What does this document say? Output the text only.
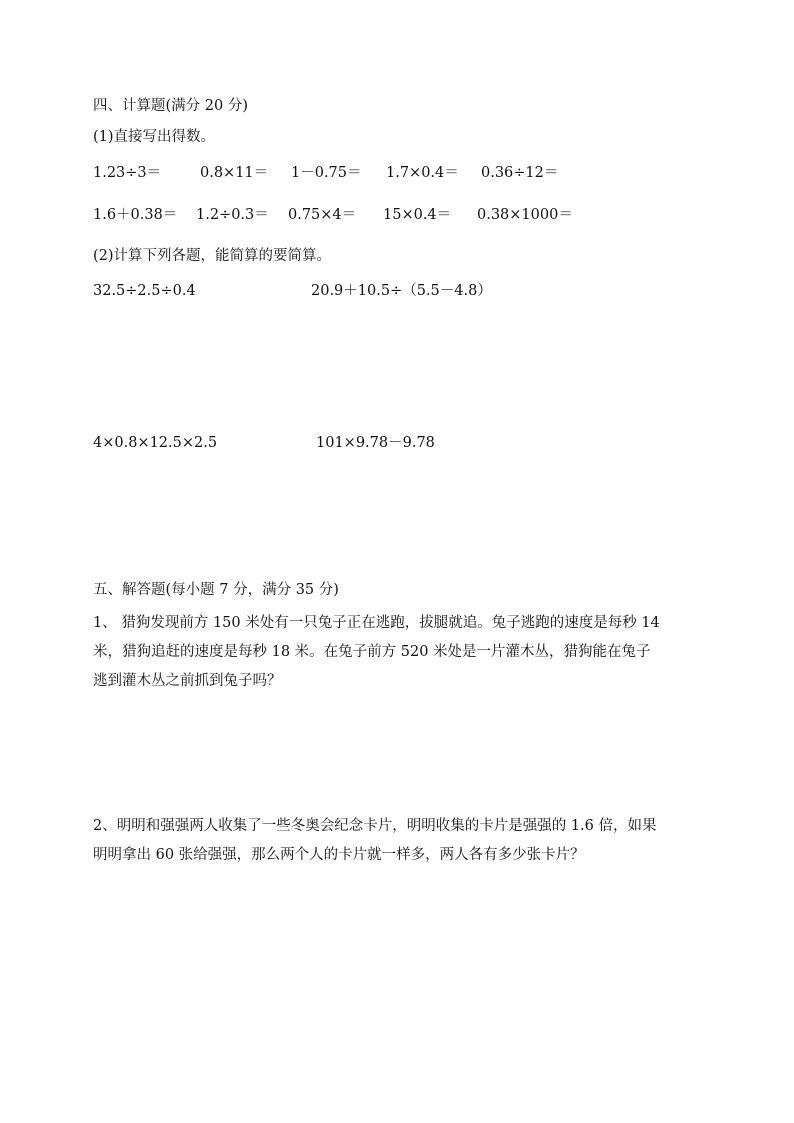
四、计算题(满分 20 分)
(1)直接写出得数。
1.23÷3＝	0.8×11＝ 1－0.75＝ 1.7×0.4＝ 0.36÷12＝
1.6＋0.38＝ 1.2÷0.3＝ 0.75×4＝ 15×0.4＝ 0.38×1000＝
(2)计算下列各题，能简算的要简算。
32.5÷2.5÷0.4	20.9＋10.5÷（5.5－4.8）
4×0.8×12.5×2.5	101×9.78－9.78
五、解答题(每小题 7 分，满分 35 分)
1、 猎狗发现前方 150 米处有一只兔子正在逃跑，拔腿就追。兔子逃跑的速度是每秒 14
米，猎狗追赶的速度是每秒 18 米。在兔子前方 520 米处是一片灌木丛，猎狗能在兔子
逃到灌木丛之前抓到兔子吗？
2、明明和强强两人收集了一些冬奥会纪念卡片，明明收集的卡片是强强的 1.6 倍，如果
明明拿出 60 张给强强，那么两个人的卡片就一样多，两人各有多少张卡片？
